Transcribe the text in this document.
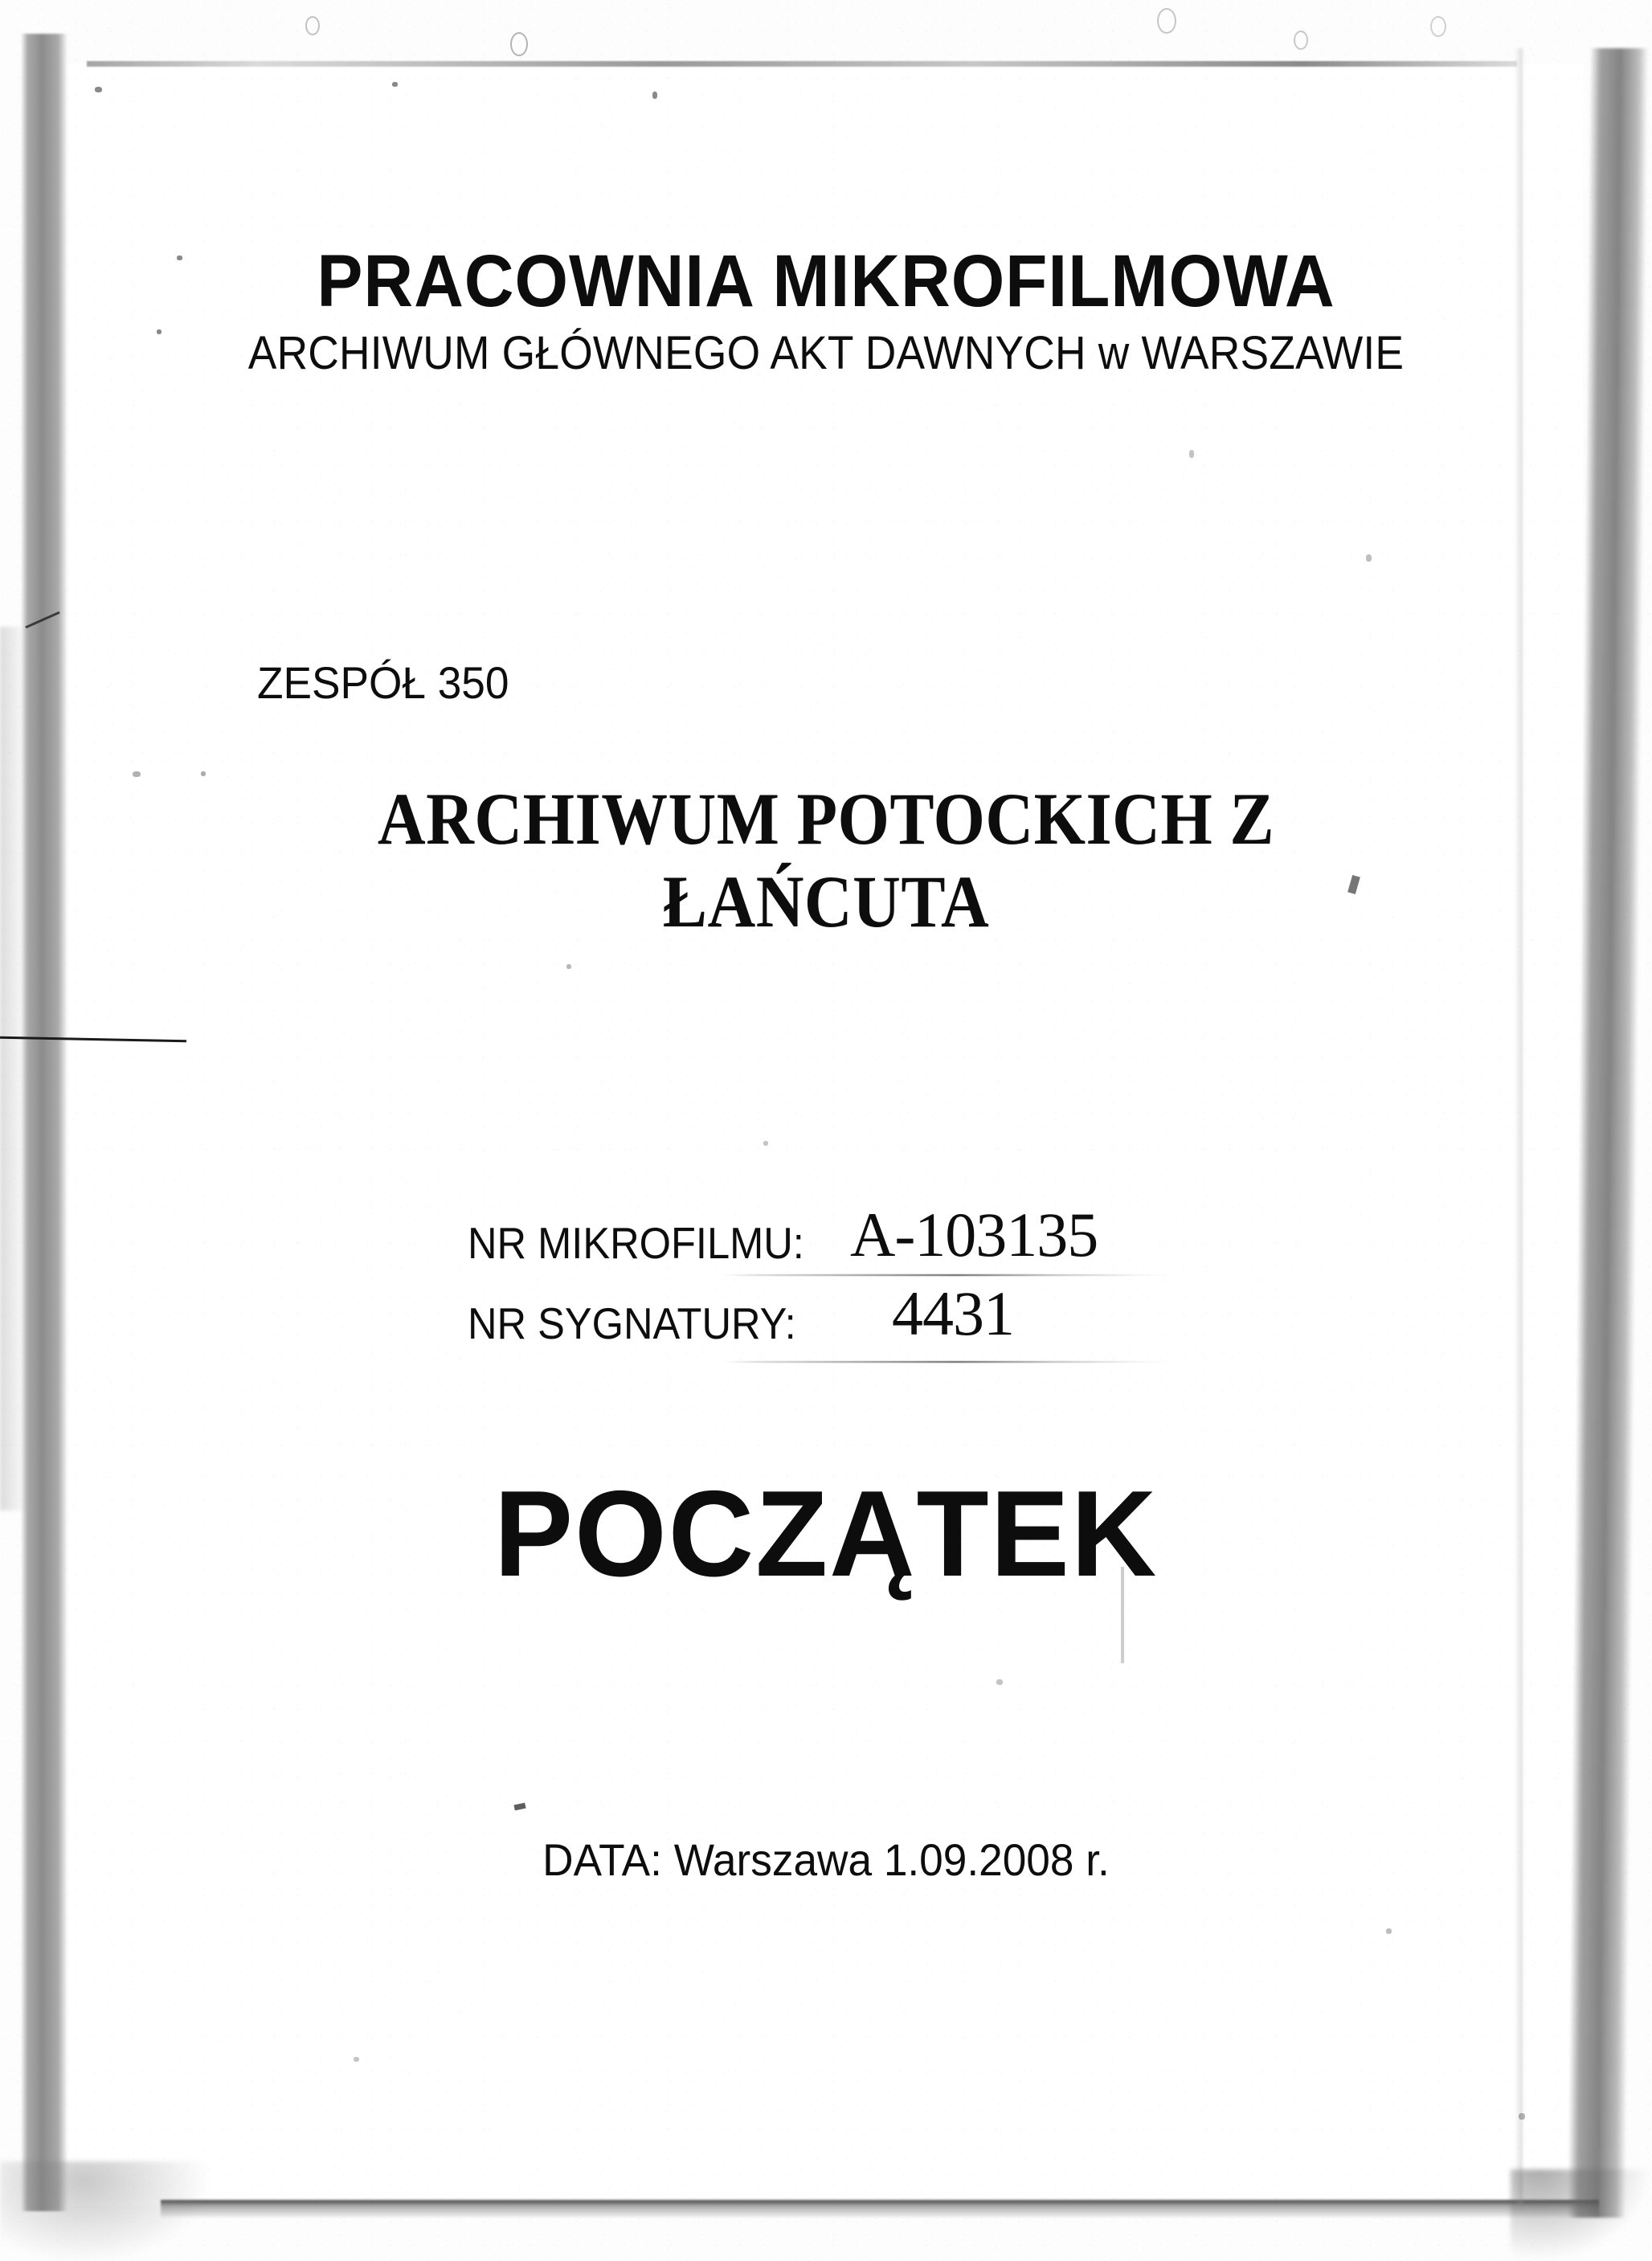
PRACOWNIA MIKROFILMOWA
ARCHIWUM GŁÓWNEGO AKT DAWNYCH w WARSZAWIE
ZESPÓŁ 350
ARCHIWUM POTOCKICH Z
ŁAŃCUTA
NR MIKROFILMU: A-103135
NR SYGNATURY: 4431
POCZĄTEK
DATA: Warszawa 1.09.2008 r.
